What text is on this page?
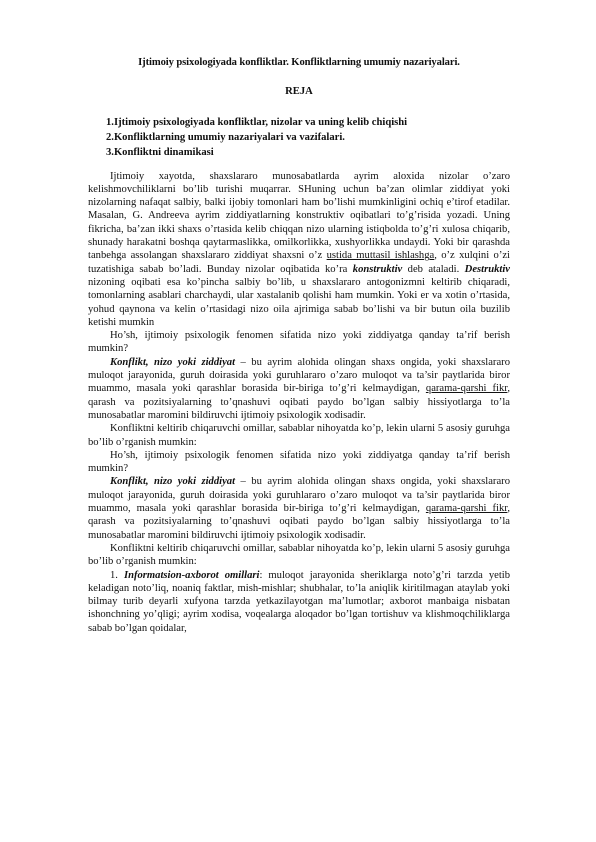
Ijtimoiy psixologiyada konfliktlar. Konfliktlarning umumiy nazariyalari.
REJA
1.Ijtimoiy psixologiyada konfliktlar, nizolar va uning kelib chiqishi
2.Konfliktlarning umumiy nazariyalari va vazifalari.
3.Konfliktni dinamikasi

Ijtimoiy xayotda, shaxslararo munosabatlarda ayrim aloxida nizolar o’zaro kelishmovchiliklarni bo’lib turishi muqarrar. SHuning uchun ba’zan olimlar ziddiyat yoki nizolarning nafaqat salbiy, balki ijobiy tomonlari ham bo’lishi mumkinligini ochiq e’tirof etadilar. Masalan, G. Andreeva ayrim ziddiyatlarning konstruktiv oqibatlari to’g’risida yozadi. Uning fikricha, ba’zan ikki shaxs o’rtasida kelib chiqqan nizo ularning istiqbolda to’g’ri xulosa chiqarib, shunady harakatni boshqa qaytarmaslikka, omilkorlikka, xushyorlikka undaydi. Yoki bir qarashda tanbehga assolangan shaxslararo ziddiyat shaxsni o’z ustida muttasil ishlashga, o’z xulqini o’zi tuzatishiga sabab bo’ladi. Bunday nizolar oqibatida ko’ra konstruktiv deb ataladi. Destruktiv nizoning oqibati esa ko’pincha salbiy bo’lib, u shaxslararo antogonizmni keltirib chiqaradi, tomonlarning asablari charchaydi, ular xastalanib qolishi ham mumkin. Yoki er va xotin o’rtasida, yohud qaynona va kelin o’rtasidagi nizo oila ajrimiga sabab bo’lishi va bir butun oila buzilib ketishi mumkin

Ho’sh, ijtimoiy psixologik fenomen sifatida nizo yoki ziddiyatga qanday ta’rif berish mumkin?

Konflikt, nizo yoki ziddiyat – bu ayrim alohida olingan shaxs ongida, yoki shaxslararo muloqot jarayonida, guruh doirasida yoki guruhlararo o’zaro muloqot va ta’sir paytlarida biror muammo, masala yoki qarashlar borasida bir-biriga to’g’ri kelmaydigan, qarama-qarshi fikr, qarash va pozitsiyalarning to’qnashuvi oqibati paydo bo’lgan salbiy hissiyotlarga to’la munosabatlar maromini bildiruvchi ijtimoiy psixologik xodisadir.

Konfliktni keltirib chiqaruvchi omillar, sabablar nihoyatda ko’p, lekin ularni 5 asosiy guruhga bo’lib o’rganish mumkin:

Ho’sh, ijtimoiy psixologik fenomen sifatida nizo yoki ziddiyatga qanday ta’rif berish mumkin?

Konflikt, nizo yoki ziddiyat – bu ayrim alohida olingan shaxs ongida, yoki shaxslararo muloqot jarayonida, guruh doirasida yoki guruhlararo o’zaro muloqot va ta’sir paytlarida biror muammo, masala yoki qarashlar borasida bir-biriga to’g’ri kelmaydigan, qarama-qarshi fikr, qarash va pozitsiyalarning to’qnashuvi oqibati paydo bo’lgan salbiy hissiyotlarga to’la munosabatlar maromini bildiruvchi ijtimoiy psixologik xodisadir.

Konfliktni keltirib chiqaruvchi omillar, sabablar nihoyatda ko’p, lekin ularni 5 asosiy guruhga bo’lib o’rganish mumkin:

1. Informatsion-axborot omillari: muloqot jarayonida sheriklarga noto’g’ri tarzda yetib keladigan noto’liq, noaniq faktlar, mish-mishlar; shubhalar, to’la aniqlik kiritilmagan ataylab yoki bilmay turib deyarli xufyona tarzda yetkazilayotgan ma’lumotlar; axborot manbaiga nisbatan ishonchning yo’qligi; ayrim xodisa, voqealarga aloqador bo’lgan tortishuv va klishmoqchiliklarga sabab bo’lgan qoidalar,
